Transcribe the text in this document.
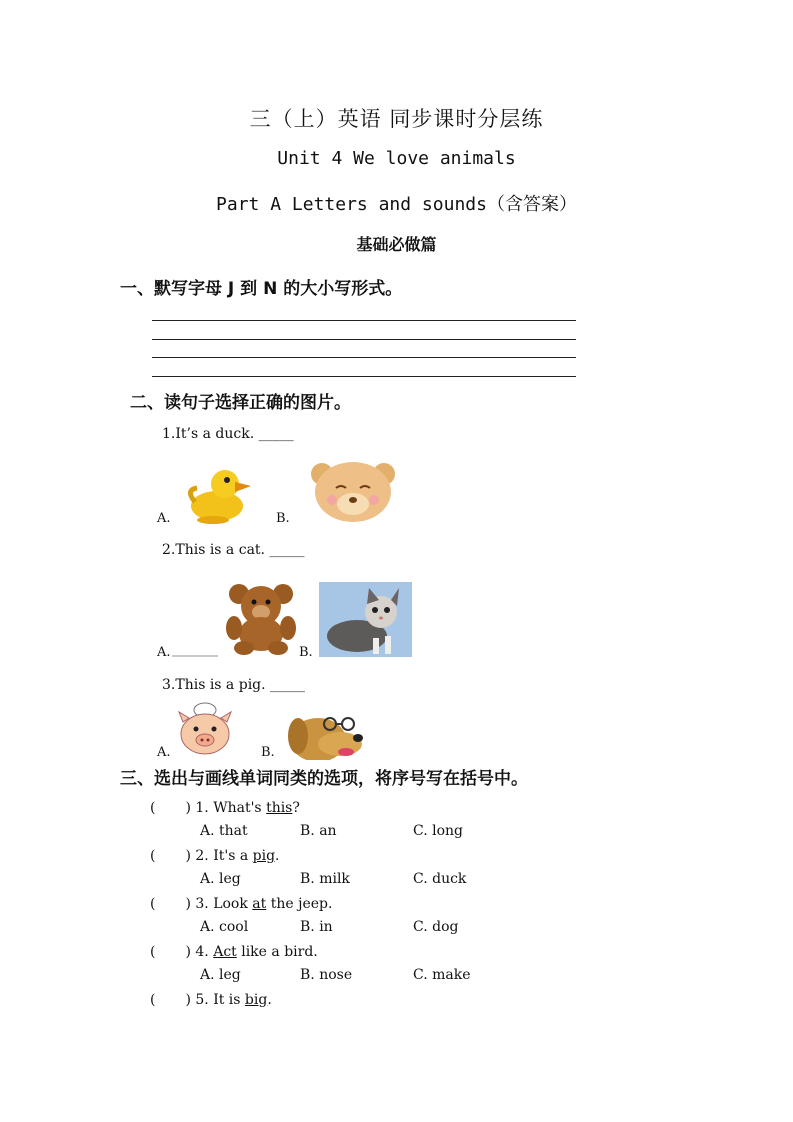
三（上）英语 同步课时分层练
Unit 4 We love animals
Part A Letters and sounds（含答案）
基础必做篇
一、默写字母 J 到 N 的大小写形式。
二、读句子选择正确的图片。
1.It’s a duck. _____
A.	B.
2.This is a cat. _____
A.	B.
3.This is a pig. _____
A.	B.
三、选出与画线单词同类的选项，将序号写在括号中。
( ) 1. What's this?
A. that	B. an	C. long
( ) 2. It's a pig.
A. leg	B. milk	C. duck
( ) 3. Look at the jeep.
A. cool	B. in	C. dog
( ) 4. Act like a bird.
A. leg	B. nose	C. make
( ) 5. It is big.
